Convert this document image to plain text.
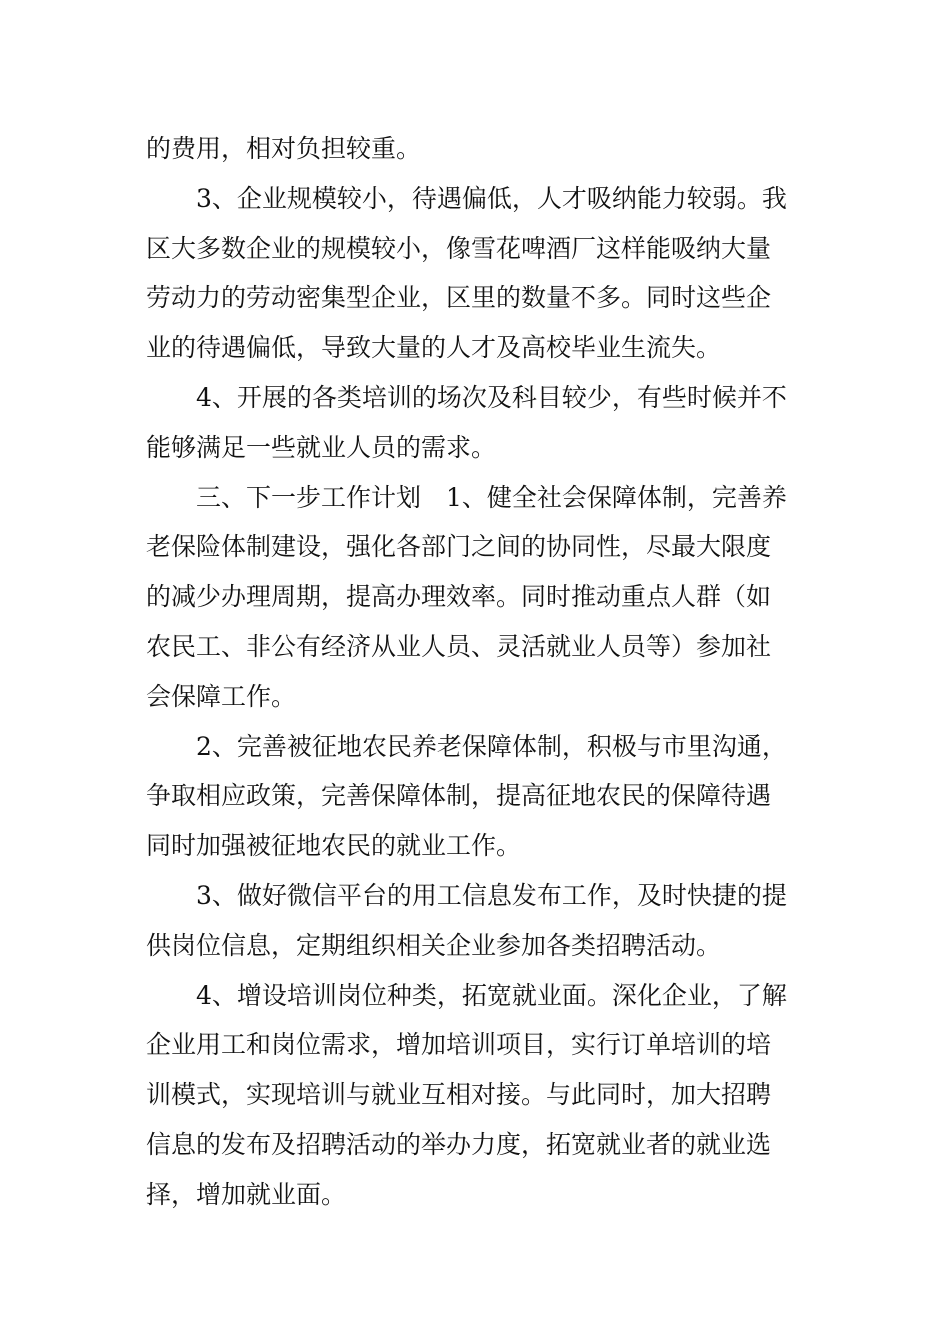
的费用，相对负担较重。
3、企业规模较小，待遇偏低，人才吸纳能力较弱。我
区大多数企业的规模较小，像雪花啤酒厂这样能吸纳大量
劳动力的劳动密集型企业，区里的数量不多。同时这些企
业的待遇偏低，导致大量的人才及高校毕业生流失。
4、开展的各类培训的场次及科目较少，有些时候并不
能够满足一些就业人员的需求。
三、下一步工作计划　1、健全社会保障体制，完善养
老保险体制建设，强化各部门之间的协同性，尽最大限度
的减少办理周期，提高办理效率。同时推动重点人群（如
农民工、非公有经济从业人员、灵活就业人员等）参加社
会保障工作。
2、完善被征地农民养老保障体制，积极与市里沟通，
争取相应政策，完善保障体制，提高征地农民的保障待遇
同时加强被征地农民的就业工作。
3、做好微信平台的用工信息发布工作，及时快捷的提
供岗位信息，定期组织相关企业参加各类招聘活动。
4、增设培训岗位种类，拓宽就业面。深化企业，了解
企业用工和岗位需求，增加培训项目，实行订单培训的培
训模式，实现培训与就业互相对接。与此同时，加大招聘
信息的发布及招聘活动的举办力度，拓宽就业者的就业选
择，增加就业面。
